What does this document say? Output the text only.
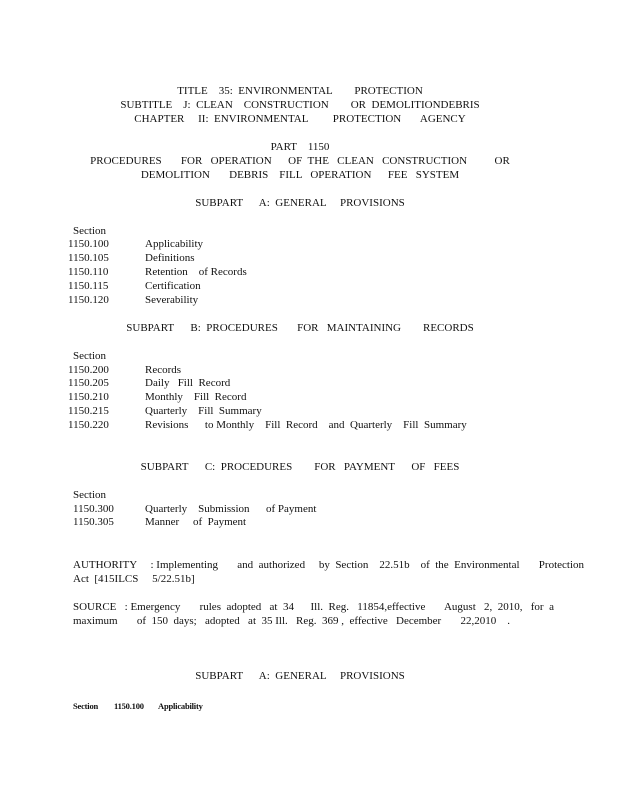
TITLE    35:  ENVIRONMENTAL        PROTECTION
SUBTITLE    J:  CLEAN    CONSTRUCTION        OR  DEMOLITIONDEBRIS
CHAPTER     II:  ENVIRONMENTAL         PROTECTION       AGENCY
PART    1150
PROCEDURES       FOR   OPERATION      OF  THE   CLEAN   CONSTRUCTION          OR
DEMOLITION       DEBRIS    FILL   OPERATION      FEE   SYSTEM
SUBPART      A:  GENERAL     PROVISIONS
Section
1150.100	Applicability
1150.105	Definitions
1150.110	Retention    of Records
1150.115	Certification
1150.120	Severability
SUBPART      B:  PROCEDURES       FOR   MAINTAINING        RECORDS
Section
1150.200	Records
1150.205	Daily   Fill  Record
1150.210	Monthly    Fill  Record
1150.215	Quarterly    Fill  Summary
1150.220	Revisions      to Monthly    Fill  Record    and  Quarterly    Fill  Summary
SUBPART      C:  PROCEDURES        FOR   PAYMENT      OF   FEES
Section
1150.300	Quarterly    Submission      of Payment
1150.305	Manner     of  Payment
AUTHORITY     : Implementing       and  authorized     by  Section    22.51b    of  the  Environmental       Protection
Act  [415ILCS     5/22.51b]
SOURCE   : Emergency       rules  adopted   at  34      Ill.  Reg.   11854,effective       August   2,  2010,   for  a
maximum       of  150  days;   adopted   at  35 Ill.   Reg.  369 ,  effective   December       22,2010    .
SUBPART      A:  GENERAL     PROVISIONS
Section 1150.100 Applicability
